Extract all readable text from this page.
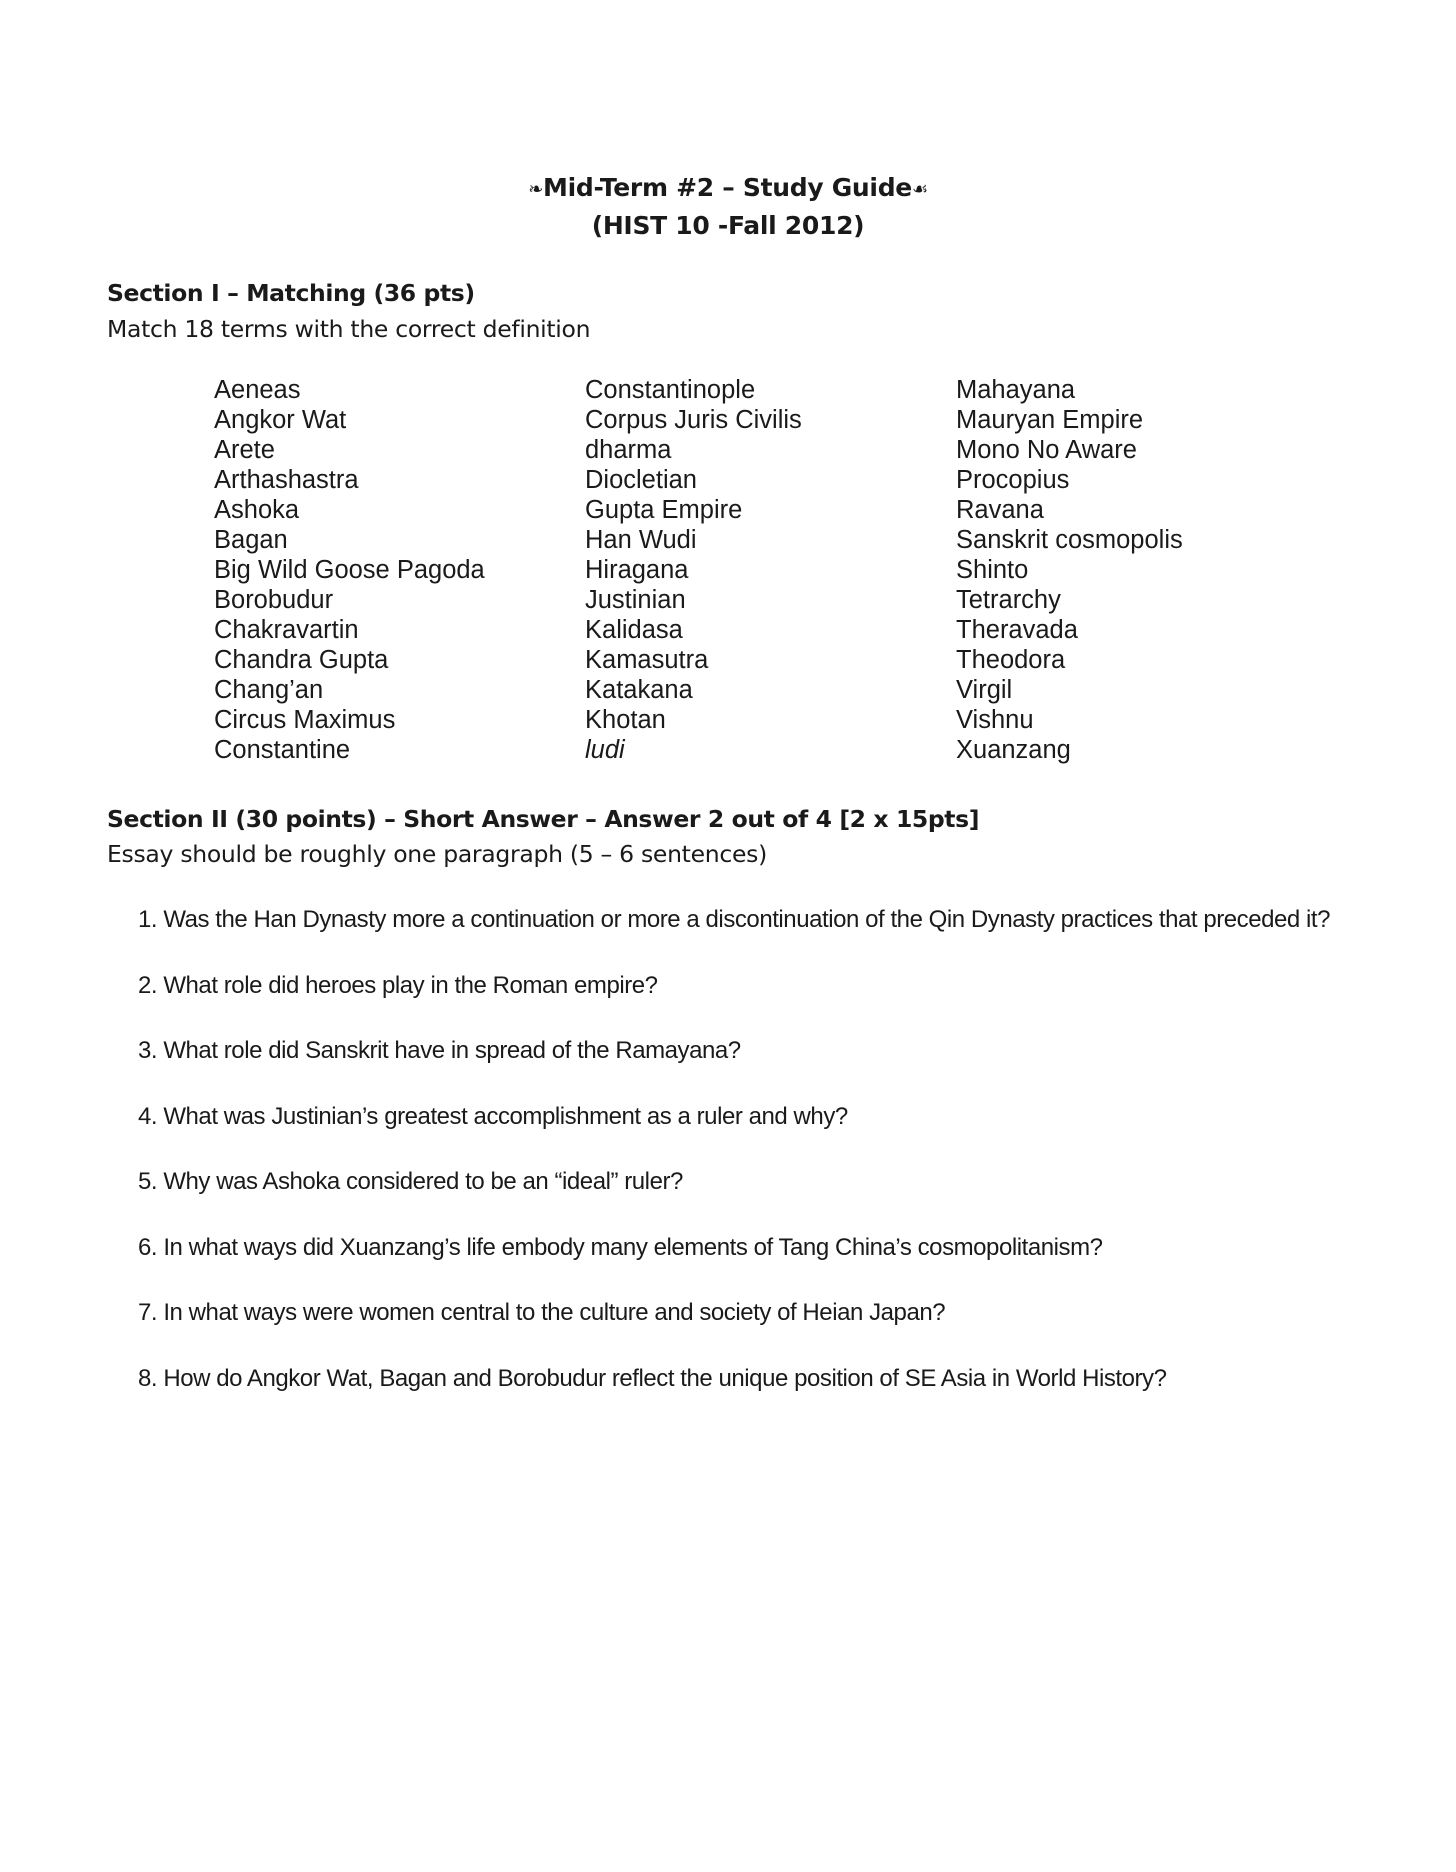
❧Mid-Term #2 – Study Guide☙
(HIST 10 -Fall 2012)
Section I – Matching (36 pts)
Match 18 terms with the correct definition
Aeneas
Angkor Wat
Arete
Arthashastra
Ashoka
Bagan
Big Wild Goose Pagoda
Borobudur
Chakravartin
Chandra Gupta
Chang’an
Circus Maximus
Constantine
Constantinople
Corpus Juris Civilis
dharma
Diocletian
Gupta Empire
Han Wudi
Hiragana
Justinian
Kalidasa
Kamasutra
Katakana
Khotan
ludi
Mahayana
Mauryan Empire
Mono No Aware
Procopius
Ravana
Sanskrit cosmopolis
Shinto
Tetrarchy
Theravada
Theodora
Virgil
Vishnu
Xuanzang
Section II (30 points) – Short Answer – Answer 2 out of 4 [2 x 15pts]
Essay should be roughly one paragraph (5 – 6 sentences)
1. Was the Han Dynasty more a continuation or more a discontinuation of the Qin Dynasty practices that preceded it?
2. What role did heroes play in the Roman empire?
3. What role did Sanskrit have in spread of the Ramayana?
4. What was Justinian’s greatest accomplishment as a ruler and why?
5. Why was Ashoka considered to be an “ideal” ruler?
6. In what ways did Xuanzang’s life embody many elements of Tang China’s cosmopolitanism?
7. In what ways were women central to the culture and society of Heian Japan?
8. How do Angkor Wat, Bagan and Borobudur reflect the unique position of SE Asia in World History?
